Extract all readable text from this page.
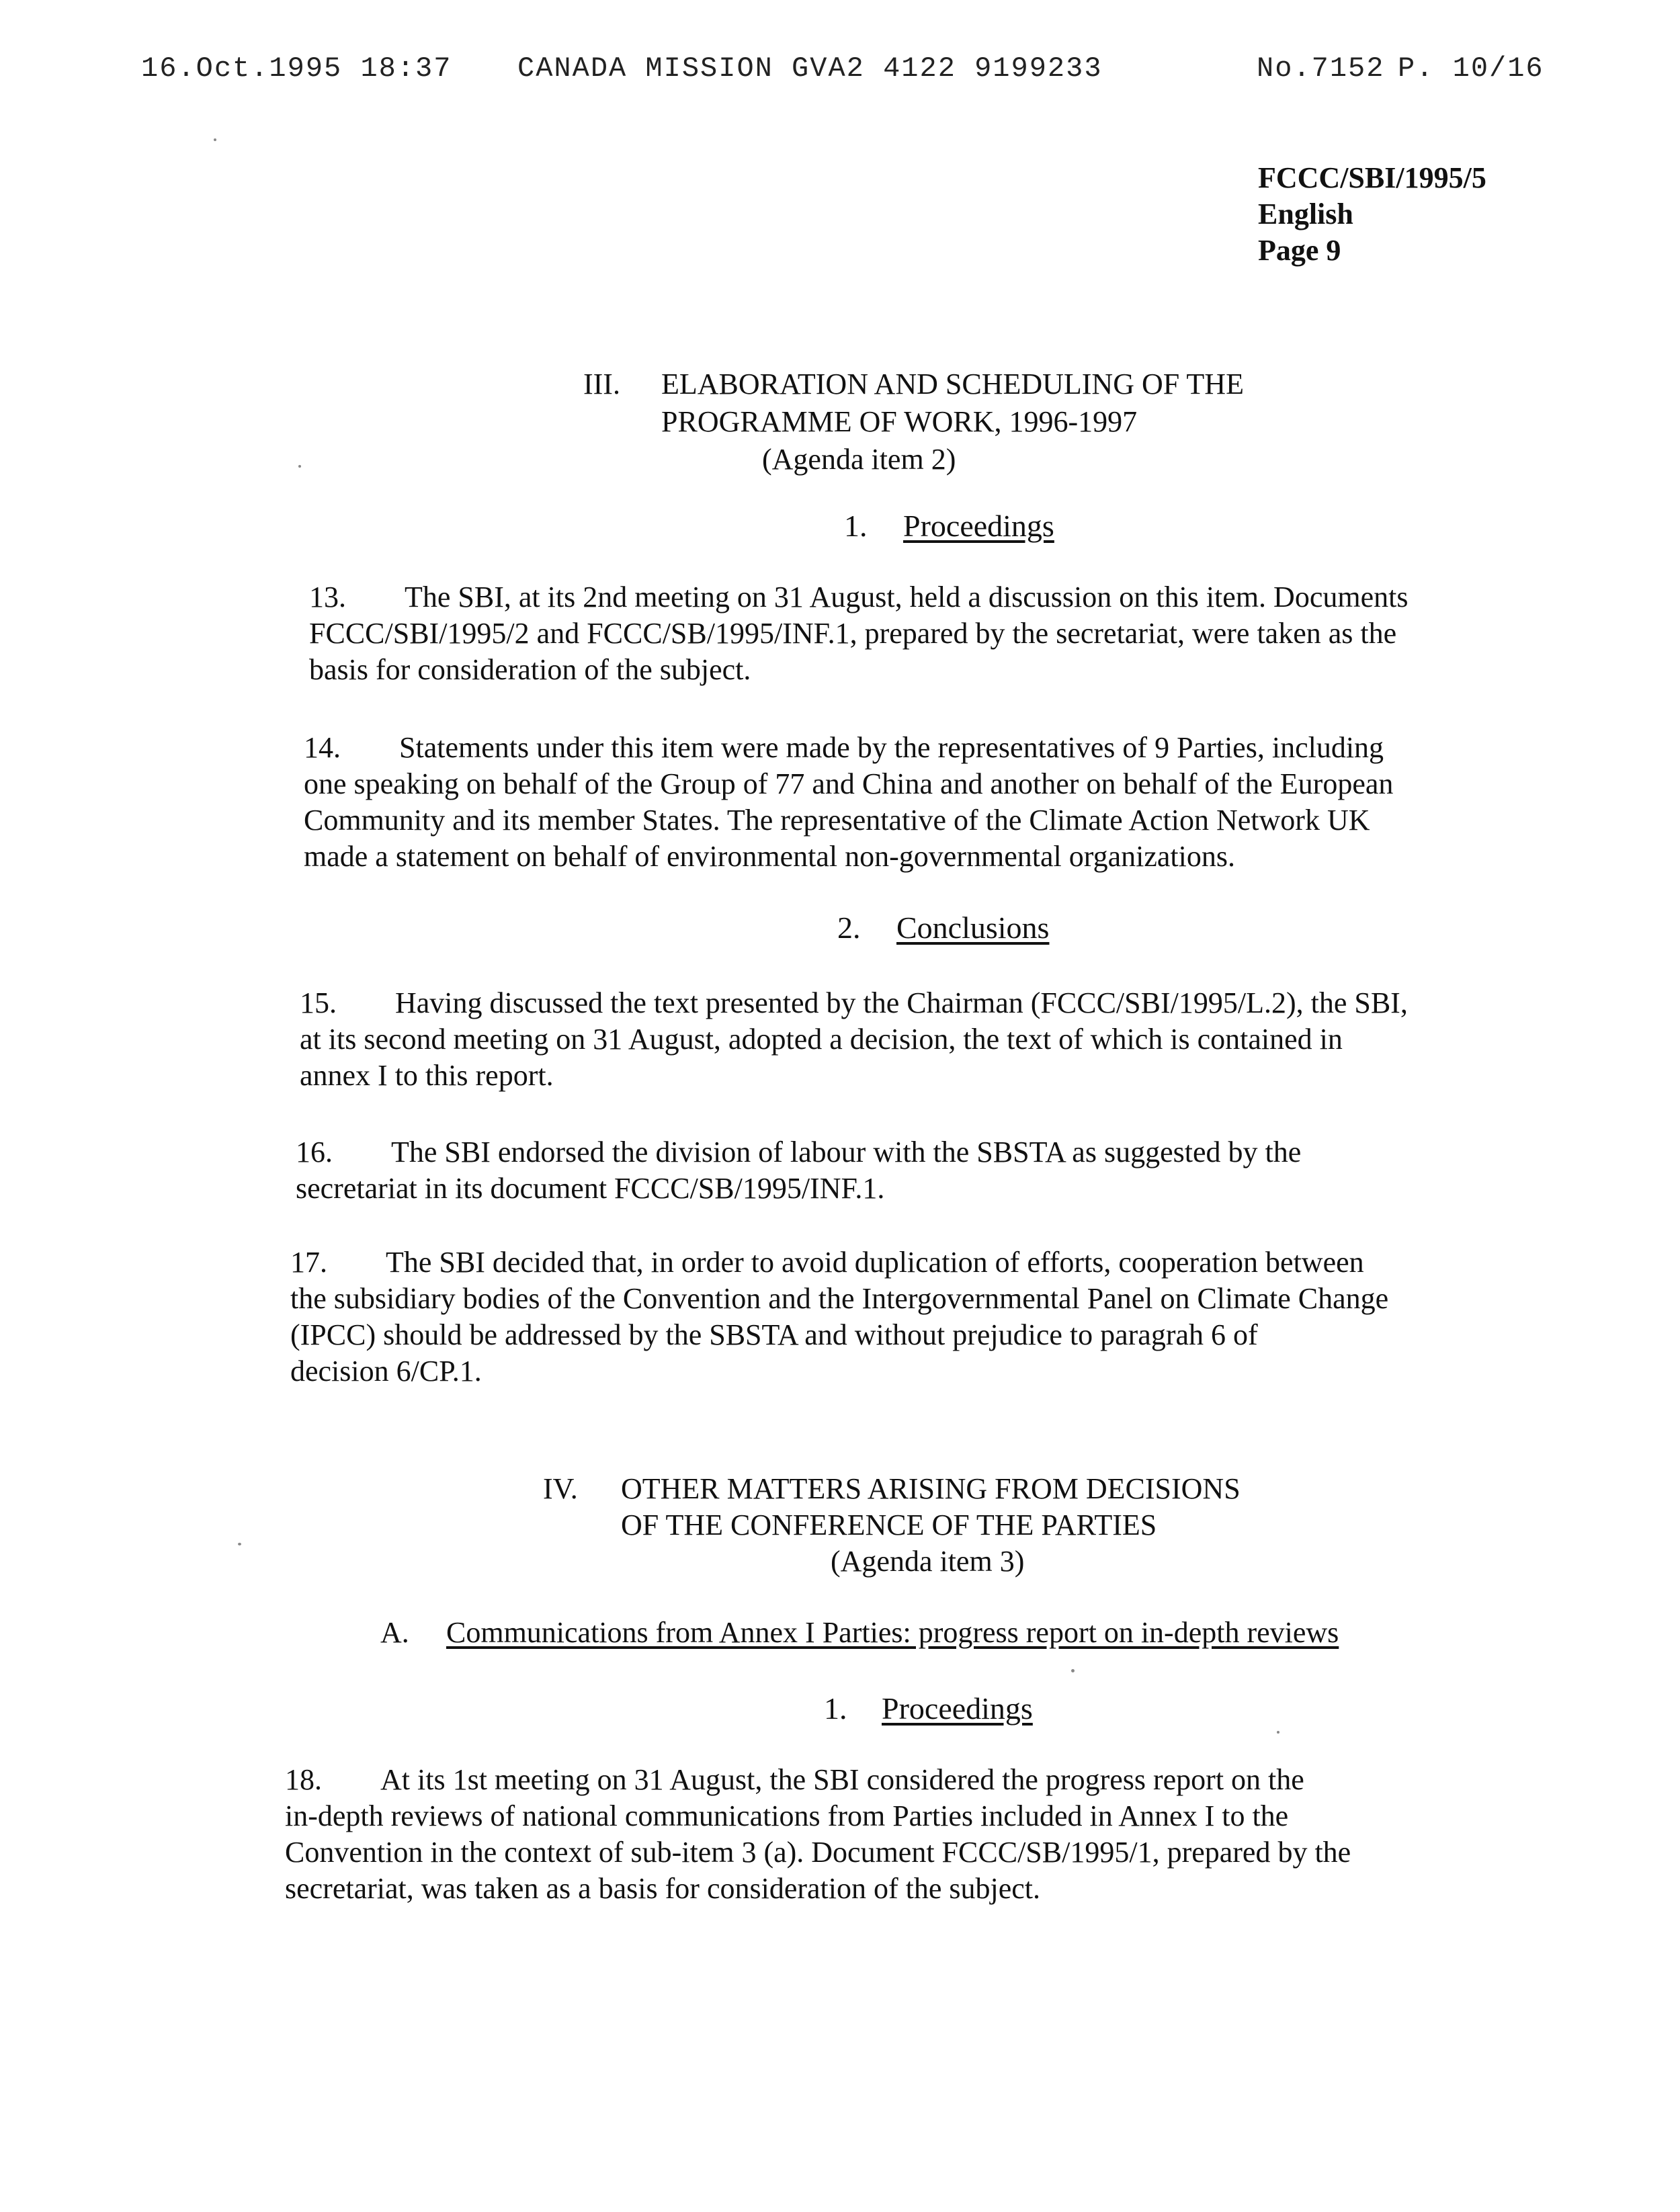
16.Oct.1995 18:37 CANADA MISSION GVA2 4122 9199233	No.7152 P. 10/16
FCCC/SBI/1995/5
English
Page 9
III. ELABORATION AND SCHEDULING OF THE
PROGRAMME OF WORK, 1996-1997
(Agenda item 2)
1. Proceedings
13. The SBI, at its 2nd meeting on 31 August, held a discussion on this item. Documents
FCCC/SBI/1995/2 and FCCC/SB/1995/INF.1, prepared by the secretariat, were taken as the
basis for consideration of the subject.
14. Statements under this item were made by the representatives of 9 Parties, including
one speaking on behalf of the Group of 77 and China and another on behalf of the European
Community and its member States. The representative of the Climate Action Network UK
made a statement on behalf of environmental non-governmental organizations.
2. Conclusions
15. Having discussed the text presented by the Chairman (FCCC/SBI/1995/L.2), the SBI,
at its second meeting on 31 August, adopted a decision, the text of which is contained in
annex I to this report.
16. The SBI endorsed the division of labour with the SBSTA as suggested by the
secretariat in its document FCCC/SB/1995/INF.1.
17. The SBI decided that, in order to avoid duplication of efforts, cooperation between
the subsidiary bodies of the Convention and the Intergovernmental Panel on Climate Change
(IPCC) should be addressed by the SBSTA and without prejudice to paragrah 6 of
decision 6/CP.1.
IV. OTHER MATTERS ARISING FROM DECISIONS
OF THE CONFERENCE OF THE PARTIES
(Agenda item 3)
A. Communications from Annex I Parties: progress report on in-depth reviews
1. Proceedings
18. At its 1st meeting on 31 August, the SBI considered the progress report on the
in-depth reviews of national communications from Parties included in Annex I to the
Convention in the context of sub-item 3 (a). Document FCCC/SB/1995/1, prepared by the
secretariat, was taken as a basis for consideration of the subject.
